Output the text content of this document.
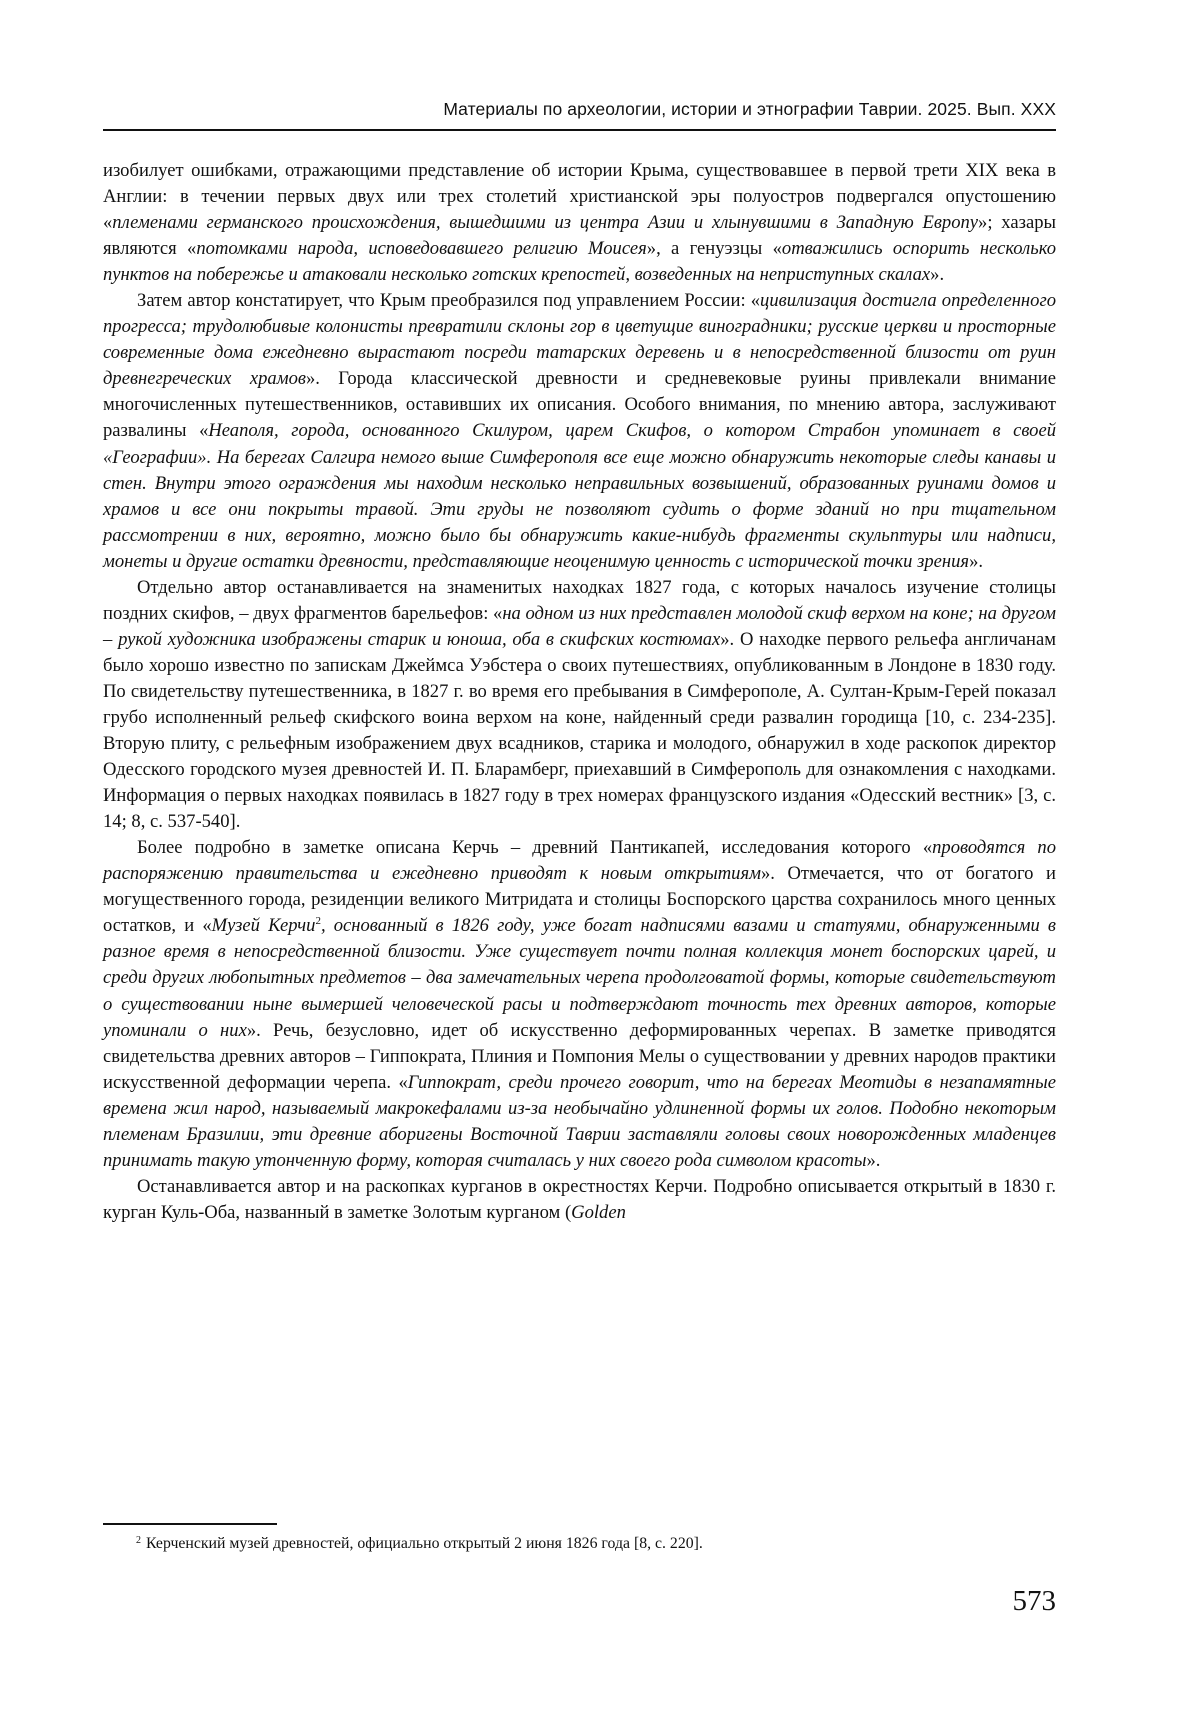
Материалы по археологии, истории и этнографии Таврии. 2025. Вып. XXX

изобилует ошибками, отражающими представление об истории Крыма, существовавшее в первой трети XIX века в Англии: в течении первых двух или трех столетий христианской эры полуостров подвергался опустошению «племенами германского происхождения, вышедшими из центра Азии и хлынувшими в Западную Европу»; хазары являются «потомками народа, исповедовавшего религию Моисея», а генуэзцы «отважились оспорить несколько пунктов на побережье и атаковали несколько готских крепостей, возведенных на неприступных скалах».

Затем автор констатирует, что Крым преобразился под управлением России: «цивилизация достигла определенного прогресса; трудолюбивые колонисты превратили склоны гор в цветущие виноградники; русские церкви и просторные современные дома ежедневно вырастают посреди татарских деревень и в непосредственной близости от руин древнегреческих храмов». Города классической древности и средневековые руины привлекали внимание многочисленных путешественников, оставивших их описания. Особого внимания, по мнению автора, заслуживают развалины «Неаполя, города, основанного Скилуром, царем Скифов, о котором Страбон упоминает в своей «Географии». На берегах Салгира немого выше Симферополя все еще можно обнаружить некоторые следы канавы и стен. Внутри этого ограждения мы находим несколько неправильных возвышений, образованных руинами домов и храмов и все они покрыты травой. Эти груды не позволяют судить о форме зданий но при тщательном рассмотрении в них, вероятно, можно было бы обнаружить какие-нибудь фрагменты скульптуры или надписи, монеты и другие остатки древности, представляющие неоценимую ценность с исторической точки зрения».

Отдельно автор останавливается на знаменитых находках 1827 года, с которых началось изучение столицы поздних скифов, – двух фрагментов барельефов: «на одном из них представлен молодой скиф верхом на коне; на другом – рукой художника изображены старик и юноша, оба в скифских костюмах». О находке первого рельефа англичанам было хорошо известно по запискам Джеймса Уэбстера о своих путешествиях, опубликованным в Лондоне в 1830 году. По свидетельству путешественника, в 1827 г. во время его пребывания в Симферополе, А. Султан-Крым-Герей показал грубо исполненный рельеф скифского воина верхом на коне, найденный среди развалин городища [10, с. 234-235]. Вторую плиту, с рельефным изображением двух всадников, старика и молодого, обнаружил в ходе раскопок директор Одесского городского музея древностей И. П. Бларамберг, приехавший в Симферополь для ознакомления с находками. Информация о первых находках появилась в 1827 году в трех номерах французского издания «Одесский вестник» [3, с. 14; 8, с. 537-540].

Более подробно в заметке описана Керчь – древний Пантикапей, исследования которого «проводятся по распоряжению правительства и ежедневно приводят к новым открытиям». Отмечается, что от богатого и могущественного города, резиденции великого Митридата и столицы Боспорского царства сохранилось много ценных остатков, и «Музей Керчи$^2$, основанный в 1826 году, уже богат надписями вазами и статуями, обнаруженными в разное время в непосредственной близости. Уже существует почти полная коллекция монет боспорских царей, и среди других любопытных предметов – два замечательных черепа продолговатой формы, которые свидетельствуют о существовании ныне вымершей человеческой расы и подтверждают точность тех древних авторов, которые упоминали о них». Речь, безусловно, идет об искусственно деформированных черепах. В заметке приводятся свидетельства древних авторов – Гиппократа, Плиния и Помпония Мелы о существовании у древних народов практики искусственной деформации черепа. «Гиппократ, среди прочего говорит, что на берегах Меотиды в незапамятные времена жил народ, называемый макрокефалами из-за необычайно удлиненной формы их голов. Подобно некоторым племенам Бразилии, эти древние аборигены Восточной Таврии заставляли головы своих новорожденных младенцев принимать такую утонченную форму, которая считалась у них своего рода символом красоты».

Останавливается автор и на раскопках курганов в окрестностях Керчи. Подробно описывается открытый в 1830 г. курган Куль-Оба, названный в заметке Золотым курганом (Golden

$^2$ Керченский музей древностей, официально открытый 2 июня 1826 года [8, с. 220].
573
